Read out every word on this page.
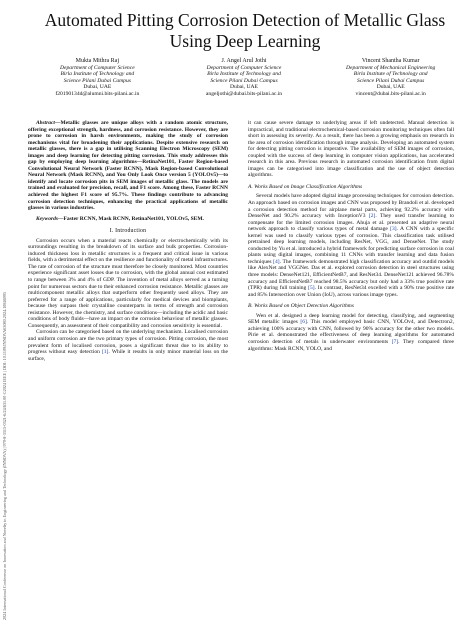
2024 International Conference on Innovation and Novelty in Engineering and Technology (INNOVA) | 979-8-3315-0521-6/24/$31.00 ©2024 IEEE | DOI: 10.1109/INNOVA63080.2024.10846995
Automated Pitting Corrosion Detection of Metallic Glass Using Deep Learning
Mukta Mithra Raj
Department of Computer Science
Birla Institute of Technology and
Science Pilani Dubai Campus
Dubai, UAE
f20190134d@alumni.bits-pilani.ac.in
J. Angel Arul Jothi
Department of Computer Science
Birla Institute of Technology and
Science Pilani Dubai Campus
Dubai, UAE
angeljothi@dubai.bits-pilani.ac.in
Vincent Shantha Kumar
Department of Mechanical Engineering
Birla Institute of Technology and
Science Pilani Dubai Campus
Dubai, UAE
vincent@dubai.bits-pilani.ac.in

Abstract—Metallic glasses are unique alloys with a random atomic structure, offering exceptional strength, hardness, and corrosion resistance. However, they are prone to corrosion in harsh environments, making the study of corrosion mechanisms vital for broadening their applications. Despite extensive research on metallic glasses, there is a gap in utilising Scanning Electron Microscopy (SEM) images and deep learning for detecting pitting corrosion. This study addresses this gap by employing deep learning algorithms—RetinaNet101, Faster Region-based Convolutional Neural Network (Faster RCNN), Mask Region-based Convolutional Neural Network (Mask RCNN), and You Only Look Once version 5 (YOLOv5)—to identify and locate corrosion pits in SEM images of metallic glass. The models are trained and evaluated for precision, recall, and F1 score. Among these, Faster RCNN achieved the highest F1 score of 95.7%. These findings contribute to advancing corrosion detection techniques, enhancing the practical applications of metallic glasses in various industries.

Keywords—Faster RCNN, Mask RCNN, RetinaNet101, YOLOv5, SEM.

I. Introduction

Corrosion occurs when a material reacts chemically or electrochemically with its surroundings resulting in the breakdown of its surface and bulk properties. Corrosion-induced thickness loss in metallic structures is a frequent and critical issue in various fields, with a detrimental effect on the resilience and functionality of metal infrastructures. The rate of corrosion of the structure must therefore be closely monitored. Most countries experience significant asset losses due to corrosion, with the global annual cost estimated to range between 3% and 4% of GDP. The invention of metal alloys served as a turning point for numerous sectors due to their enhanced corrosion resistance. Metallic glasses are multicomponent metallic alloys that outperform other frequently used alloys. They are preferred for a range of applications, particularly for medical devices and biomplants, because they surpass their crystalline counterparts in terms of strength and corrosion resistance. However, the chemistry, and surface conditions—including the acidic and basic conditions of body fluids—have an impact on the corrosion behaviour of metallic glasses. Consequently, an assessment of their compatibility and corrosion sensitivity is essential.

Corrosion can be categorised based on the underlying mechanism. Localised corrosion and uniform corrosion are the two primary types of corrosion. Pitting corrosion, the most prevalent form of localised corrosion, poses a significant threat due to its ability to progress without easy detection [1]. While it results in only minor material loss on the surface,

it can cause severe damage to underlying areas if left undetected. Manual detection is impractical, and traditional electrochemical-based corrosion monitoring techniques often fall short in assessing its severity. As a result, there has been a growing emphasis on research in the area of corrosion identification through image analysis. Developing an automated system for detecting pitting corrosion is imperative. The availability of SEM images of corrosion, coupled with the success of deep learning in computer vision applications, has accelerated research in this area. Previous research in automated corrosion identification from digital images can be categorised into image classification and the use of object detection algorithms.

A. Works Based on Image Classification Algorithms

Several models have adopted digital image processing techniques for corrosion detection. An approach based on corrosion images and CNN was proposed by Brandoli et al. developed a corrosion detection method for airplane metal parts, achieving 92.2% accuracy with DenseNet and 90.2% accuracy with InceptionV3 [2]. They used transfer learning to compensate for the limited corrosion images. Ahuja et al. presented an adaptive neural network approach to classify various types of metal damage [3]. A CNN with a specific kernel was used to classify various types of corrosion. This classification task utilised pretrained deep learning models, including ResNet, VGG, and DenseNet. The study conducted by Yu et al. introduced a hybrid framework for predicting surface corrosion in coal plants using digital images, combining 11 CNNs with transfer learning and data fusion techniques [4]. The framework demonstrated high classification accuracy and outdid models like AlexNet and VGGNet. Das et al. explored corrosion detection in steel structures using three models: DenseNet121, EfficientNetB7, and ResNet34. DenseNet121 achieved 96.78% accuracy and EfficientNetB7 reached 98.5% accuracy but only had a 33% true positive rate (TPR) during full training [5]. In contrast, ResNet34 excelled with a 90% true positive rate and 85% Intersection over Union (IoU), across various image types.

B. Works Based on Object Detection Algorithms

Wen et al. designed a deep learning model for detecting, classifying, and segmenting SEM metallic images [6]. This model employed basic CNN, YOLOv4, and Detectron2, achieving 100% accuracy with CNN, followed by 90% accuracy for the other two models. Pirie et al. demonstrated the effectiveness of deep learning algorithms for automated corrosion detection of metals in underwater environments [7]. They compared three algorithms: Mask RCNN, YOLO, and
